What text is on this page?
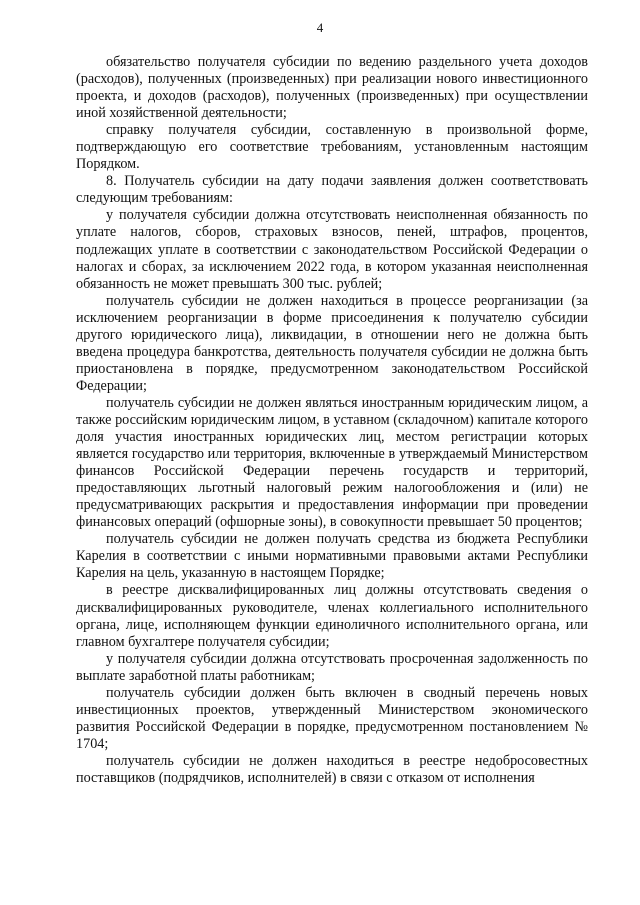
4

обязательство получателя субсидии по ведению раздельного учета доходов (расходов), полученных (произведенных) при реализации нового инвестиционного проекта, и доходов (расходов), полученных (произведенных) при осуществлении иной хозяйственной деятельности;

справку получателя субсидии, составленную в произвольной форме, подтверждающую его соответствие требованиям, установленным настоящим Порядком.

8. Получатель субсидии на дату подачи заявления должен соответствовать следующим требованиям:

у получателя субсидии должна отсутствовать неисполненная обязанность по уплате налогов, сборов, страховых взносов, пеней, штрафов, процентов, подлежащих уплате в соответствии с законодательством Российской Федерации о налогах и сборах, за исключением 2022 года, в котором указанная неисполненная обязанность не может превышать 300 тыс. рублей;

получатель субсидии не должен находиться в процессе реорганизации (за исключением реорганизации в форме присоединения к получателю субсидии другого юридического лица), ликвидации, в отношении него не должна быть введена процедура банкротства, деятельность получателя субсидии не должна быть приостановлена в порядке, предусмотренном законодательством Российской Федерации;

получатель субсидии не должен являться иностранным юридическим лицом, а также российским юридическим лицом, в уставном (складочном) капитале которого доля участия иностранных юридических лиц, местом регистрации которых является государство или территория, включенные в утверждаемый Министерством финансов Российской Федерации перечень государств и территорий, предоставляющих льготный налоговый режим налогообложения и (или) не предусматривающих раскрытия и предоставления информации при проведении финансовых операций (офшорные зоны), в совокупности превышает 50 процентов;

получатель субсидии не должен получать средства из бюджета Республики Карелия в соответствии с иными нормативными правовыми актами Республики Карелия на цель, указанную в настоящем Порядке;

в реестре дисквалифицированных лиц должны отсутствовать сведения о дисквалифицированных руководителе, членах коллегиального исполнительного органа, лице, исполняющем функции единоличного исполнительного органа, или главном бухгалтере получателя субсидии;

у получателя субсидии должна отсутствовать просроченная задолженность по выплате заработной платы работникам;

получатель субсидии должен быть включен в сводный перечень новых инвестиционных проектов, утвержденный Министерством экономического развития Российской Федерации в порядке, предусмотренном постановлением № 1704;

получатель субсидии не должен находиться в реестре недобросовестных поставщиков (подрядчиков, исполнителей) в связи с отказом от исполнения
